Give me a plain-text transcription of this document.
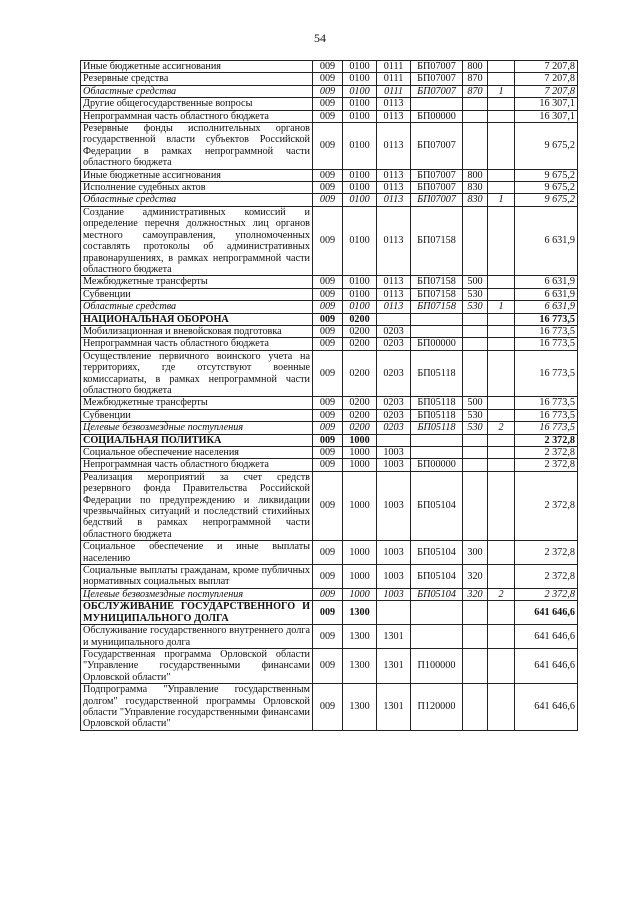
54
Иные бюджетные ассигнования	009	0100	0111	БП07007	800		7 207,8
Резервные средства	009	0100	0111	БП07007	870		7 207,8
Областные средства	009	0100	0111	БП07007	870	1	7 207,8
Другие общегосударственные вопросы	009	0100	0113				16 307,1
Непрограммная часть областного бюджета	009	0100	0113	БП00000			16 307,1
Резервные фонды исполнительных органов государственной власти субъектов Российской Федерации в рамках непрограммной части областного бюджета	009	0100	0113	БП07007			9 675,2
Иные бюджетные ассигнования	009	0100	0113	БП07007	800		9 675,2
Исполнение судебных актов	009	0100	0113	БП07007	830		9 675,2
Областные средства	009	0100	0113	БП07007	830	1	9 675,2
Создание административных комиссий и определение перечня должностных лиц органов местного самоуправления, уполномоченных составлять протоколы об административных правонарушениях, в рамках непрограммной части областного бюджета	009	0100	0113	БП07158			6 631,9
Межбюджетные трансферты	009	0100	0113	БП07158	500		6 631,9
Субвенции	009	0100	0113	БП07158	530		6 631,9
Областные средства	009	0100	0113	БП07158	530	1	6 631,9
НАЦИОНАЛЬНАЯ ОБОРОНА	009	0200					16 773,5
Мобилизационная и вневойсковая подготовка	009	0200	0203				16 773,5
Непрограммная часть областного бюджета	009	0200	0203	БП00000			16 773,5
Осуществление первичного воинского учета на территориях, где отсутствуют военные комиссариаты, в рамках непрограммной части областного бюджета	009	0200	0203	БП05118			16 773,5
Межбюджетные трансферты	009	0200	0203	БП05118	500		16 773,5
Субвенции	009	0200	0203	БП05118	530		16 773,5
Целевые безвозмездные поступления	009	0200	0203	БП05118	530	2	16 773,5
СОЦИАЛЬНАЯ ПОЛИТИКА	009	1000					2 372,8
Социальное обеспечение населения	009	1000	1003				2 372,8
Непрограммная часть областного бюджета	009	1000	1003	БП00000			2 372,8
Реализация мероприятий за счет средств резервного фонда Правительства Российской Федерации по предупреждению и ликвидации чрезвычайных ситуаций и последствий стихийных бедствий в рамках непрограммной части областного бюджета	009	1000	1003	БП05104			2 372,8
Социальное обеспечение и иные выплаты населению	009	1000	1003	БП05104	300		2 372,8
Социальные выплаты гражданам, кроме публичных нормативных социальных выплат	009	1000	1003	БП05104	320		2 372,8
Целевые безвозмездные поступления	009	1000	1003	БП05104	320	2	2 372,8
ОБСЛУЖИВАНИЕ ГОСУДАРСТВЕННОГО И МУНИЦИПАЛЬНОГО ДОЛГА	009	1300					641 646,6
Обслуживание государственного внутреннего долга и муниципального долга	009	1300	1301				641 646,6
Государственная программа Орловской области "Управление государственными финансами Орловской области"	009	1300	1301	П100000			641 646,6
Подпрограмма "Управление государственным долгом" государственной программы Орловской области "Управление государственными финансами Орловской области"	009	1300	1301	П120000			641 646,6
